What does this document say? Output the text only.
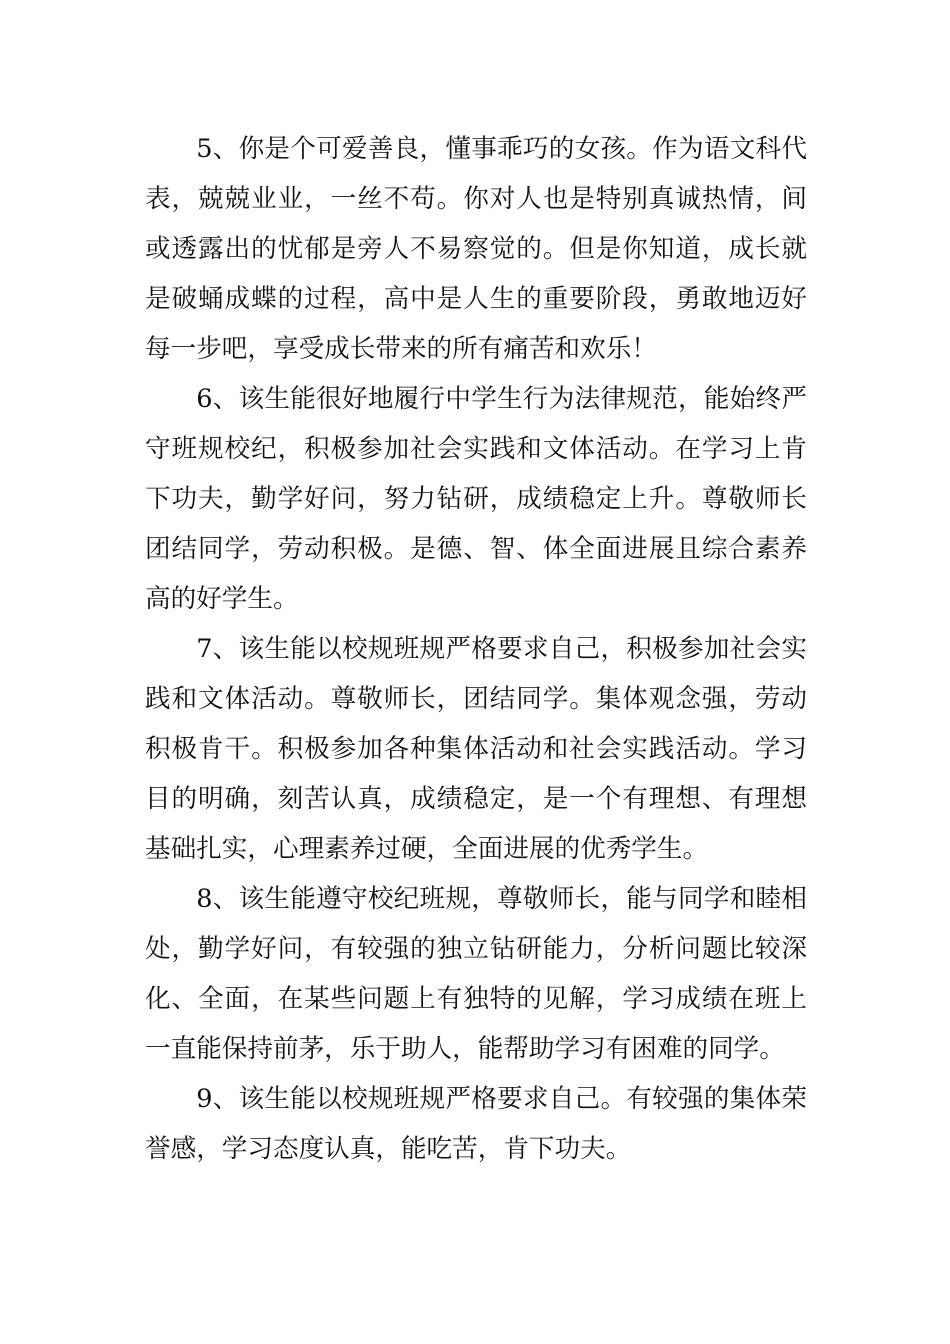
5、你是个可爱善良，懂事乖巧的女孩。作为语文科代表，兢兢业业，一丝不苟。你对人也是特别真诚热情，间或透露出的忧郁是旁人不易察觉的。但是你知道，成长就是破蛹成蝶的过程，高中是人生的重要阶段，勇敢地迈好每一步吧，享受成长带来的所有痛苦和欢乐！

6、该生能很好地履行中学生行为法律规范，能始终严守班规校纪，积极参加社会实践和文体活动。在学习上肯下功夫，勤学好问，努力钻研，成绩稳定上升。尊敬师长团结同学，劳动积极。是德、智、体全面进展且综合素养高的好学生。

7、该生能以校规班规严格要求自己，积极参加社会实践和文体活动。尊敬师长，团结同学。集体观念强，劳动积极肯干。积极参加各种集体活动和社会实践活动。学习目的明确，刻苦认真，成绩稳定，是一个有理想、有理想基础扎实，心理素养过硬，全面进展的优秀学生。

8、该生能遵守校纪班规，尊敬师长，能与同学和睦相处，勤学好问，有较强的独立钻研能力，分析问题比较深化、全面，在某些问题上有独特的见解，学习成绩在班上一直能保持前茅，乐于助人，能帮助学习有困难的同学。

9、该生能以校规班规严格要求自己。有较强的集体荣誉感，学习态度认真，能吃苦，肯下功夫。
